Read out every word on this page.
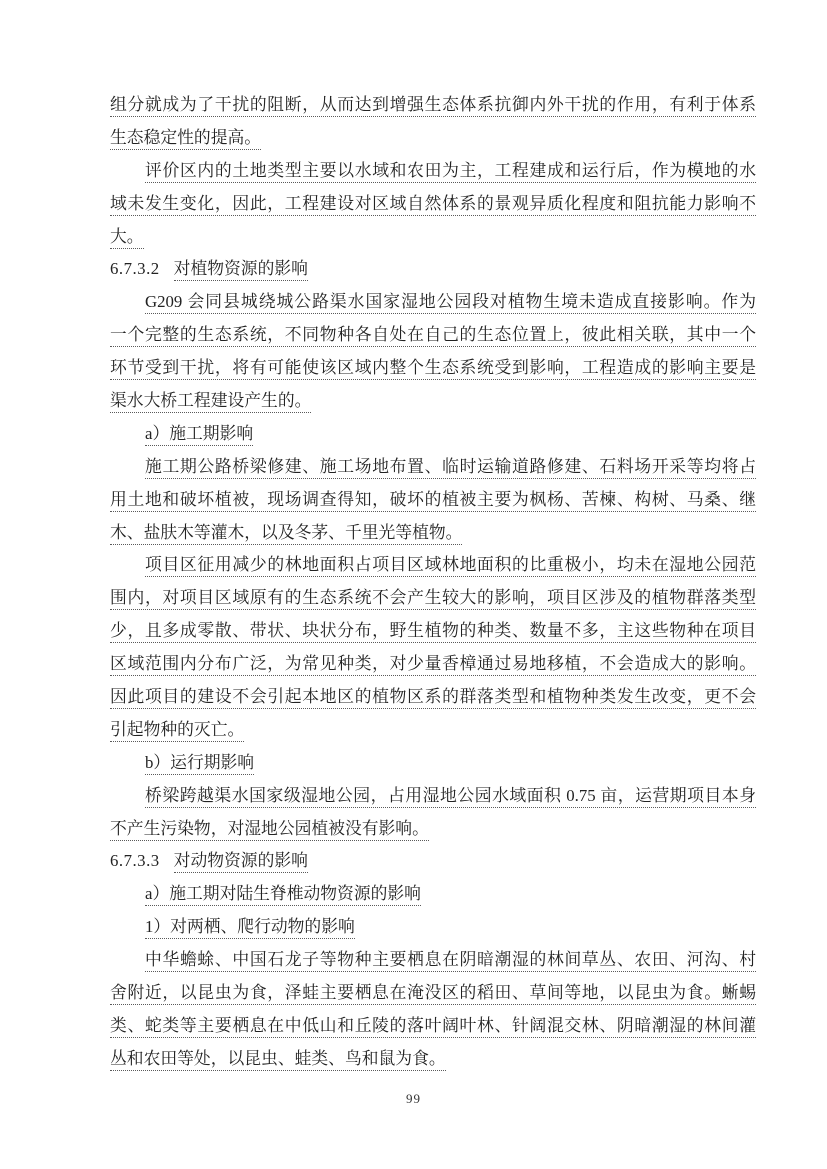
组分就成为了干扰的阻断，从而达到增强生态体系抗御内外干扰的作用，有利于体系
生态稳定性的提高。
评价区内的土地类型主要以水域和农田为主，工程建成和运行后，作为模地的水
域未发生变化，因此，工程建设对区域自然体系的景观异质化程度和阻抗能力影响不
大。
6.7.3.2 对植物资源的影响
G209 会同县城绕城公路渠水国家湿地公园段对植物生境未造成直接影响。作为
一个完整的生态系统，不同物种各自处在自己的生态位置上，彼此相关联，其中一个
环节受到干扰，将有可能使该区域内整个生态系统受到影响，工程造成的影响主要是
渠水大桥工程建设产生的。
a）施工期影响
施工期公路桥梁修建、施工场地布置、临时运输道路修建、石料场开采等均将占
用土地和破坏植被，现场调查得知，破坏的植被主要为枫杨、苦楝、构树、马桑、继
木、盐肤木等灌木，以及冬茅、千里光等植物。
项目区征用减少的林地面积占项目区域林地面积的比重极小，均未在湿地公园范
围内，对项目区域原有的生态系统不会产生较大的影响，项目区涉及的植物群落类型
少，且多成零散、带状、块状分布，野生植物的种类、数量不多，主这些物种在项目
区域范围内分布广泛，为常见种类，对少量香樟通过易地移植，不会造成大的影响。
因此项目的建设不会引起本地区的植物区系的群落类型和植物种类发生改变，更不会
引起物种的灭亡。
b）运行期影响
桥梁跨越渠水国家级湿地公园，占用湿地公园水域面积 0.75 亩，运营期项目本身
不产生污染物，对湿地公园植被没有影响。
6.7.3.3 对动物资源的影响
a）施工期对陆生脊椎动物资源的影响
1）对两栖、爬行动物的影响
中华蟾蜍、中国石龙子等物种主要栖息在阴暗潮湿的林间草丛、农田、河沟、村
舍附近，以昆虫为食，泽蛙主要栖息在淹没区的稻田、草间等地，以昆虫为食。蜥蜴
类、蛇类等主要栖息在中低山和丘陵的落叶阔叶林、针阔混交林、阴暗潮湿的林间灌
丛和农田等处，以昆虫、蛙类、鸟和鼠为食。
99
